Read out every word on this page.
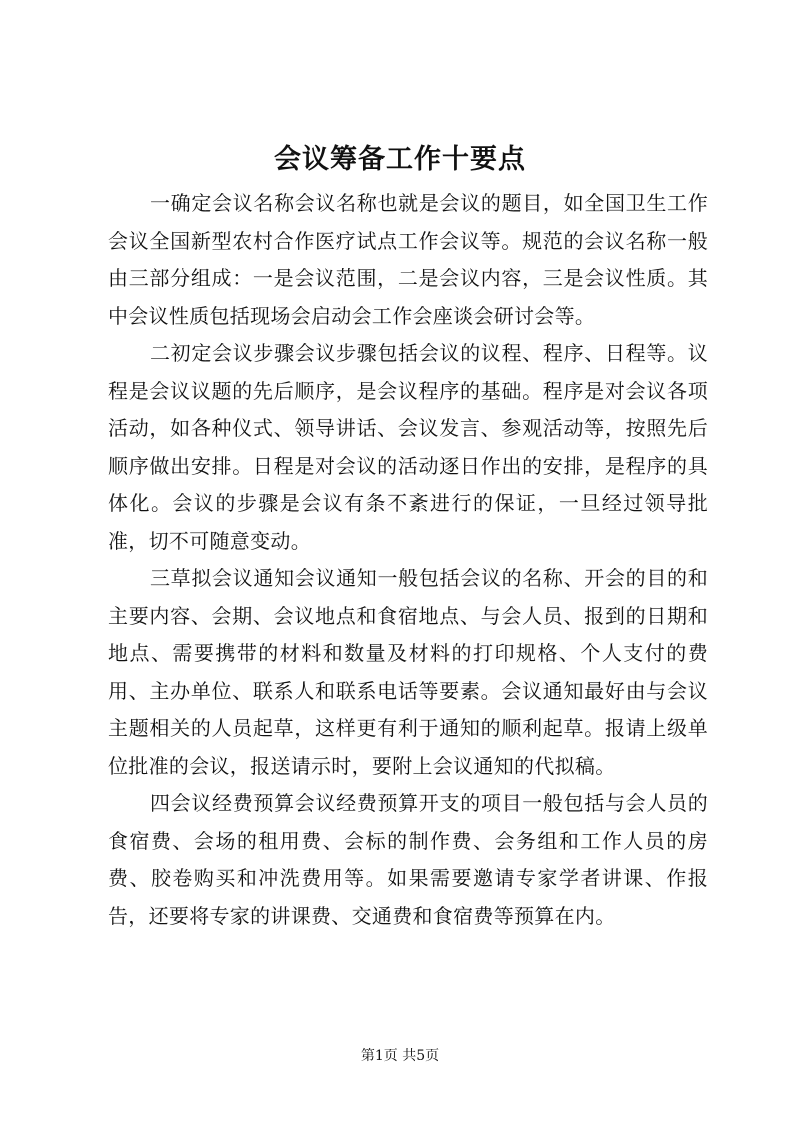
会议筹备工作十要点

一确定会议名称会议名称也就是会议的题目，如全国卫生工作会议全国新型农村合作医疗试点工作会议等。规范的会议名称一般由三部分组成：一是会议范围，二是会议内容，三是会议性质。其中会议性质包括现场会启动会工作会座谈会研讨会等。

二初定会议步骤会议步骤包括会议的议程、程序、日程等。议程是会议议题的先后顺序，是会议程序的基础。程序是对会议各项活动，如各种仪式、领导讲话、会议发言、参观活动等，按照先后顺序做出安排。日程是对会议的活动逐日作出的安排，是程序的具体化。会议的步骤是会议有条不紊进行的保证，一旦经过领导批准，切不可随意变动。

三草拟会议通知会议通知一般包括会议的名称、开会的目的和主要内容、会期、会议地点和食宿地点、与会人员、报到的日期和地点、需要携带的材料和数量及材料的打印规格、个人支付的费用、主办单位、联系人和联系电话等要素。会议通知最好由与会议主题相关的人员起草，这样更有利于通知的顺利起草。报请上级单位批准的会议，报送请示时，要附上会议通知的代拟稿。

四会议经费预算会议经费预算开支的项目一般包括与会人员的食宿费、会场的租用费、会标的制作费、会务组和工作人员的房费、胶卷购买和冲洗费用等。如果需要邀请专家学者讲课、作报告，还要将专家的讲课费、交通费和食宿费等预算在内。

第1页 共5页
